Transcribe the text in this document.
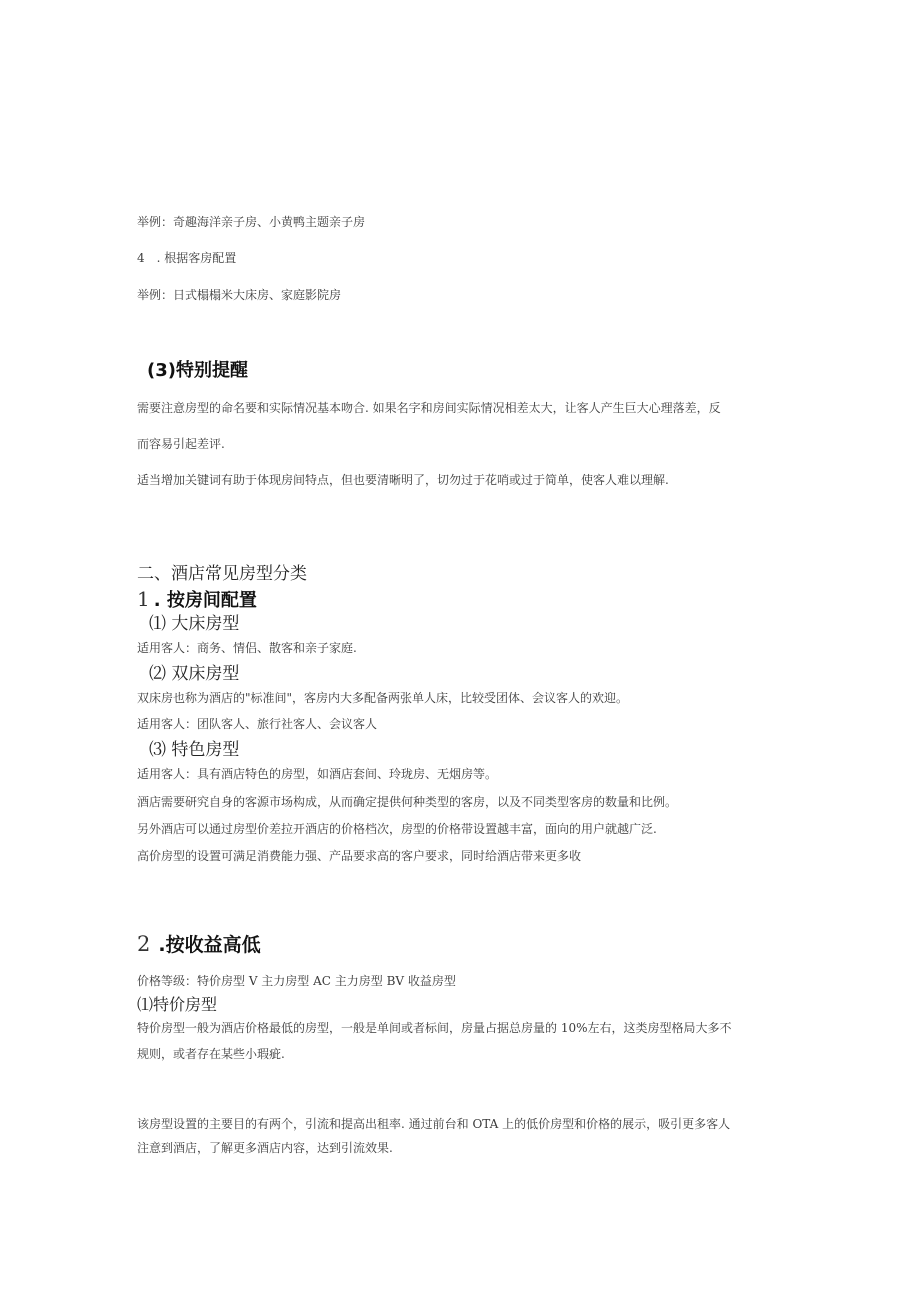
举例：奇趣海洋亲子房、小黄鸭主题亲子房
4　. 根据客房配置
举例：日式榻榻米大床房、家庭影院房
(3)特别提醒
需要注意房型的命名要和实际情况基本吻合. 如果名字和房间实际情况相差太大，让客人产生巨大心理落差，反
而容易引起差评.
适当增加关键词有助于体现房间特点，但也要清晰明了，切勿过于花哨或过于简单，使客人难以理解.
二、酒店常见房型分类
1 . 按房间配置
⑴ 大床房型
适用客人：商务、情侣、散客和亲子家庭.
⑵ 双床房型
双床房也称为酒店的"标准间"，客房内大多配备两张单人床，比较受团体、会议客人的欢迎。
适用客人：团队客人、旅行社客人、会议客人
⑶ 特色房型
适用客人：具有酒店特色的房型，如酒店套间、玲珑房、无烟房等。
酒店需要研究自身的客源市场构成，从而确定提供何种类型的客房，以及不同类型客房的数量和比例。
另外酒店可以通过房型价差拉开酒店的价格档次，房型的价格带设置越丰富，面向的用户就越广泛.
高价房型的设置可满足消费能力强、产品要求高的客户要求，同时给酒店带来更多收
2 .按收益高低
价格等级：特价房型 V 主力房型 AC 主力房型 BV 收益房型
⑴特价房型
特价房型一般为酒店价格最低的房型，一般是单间或者标间，房量占据总房量的 10%左右，这类房型格局大多不
规则，或者存在某些小瑕疵.
该房型设置的主要目的有两个，引流和提高出租率. 通过前台和 OTA 上的低价房型和价格的展示，吸引更多客人
注意到酒店，了解更多酒店内容，达到引流效果.
